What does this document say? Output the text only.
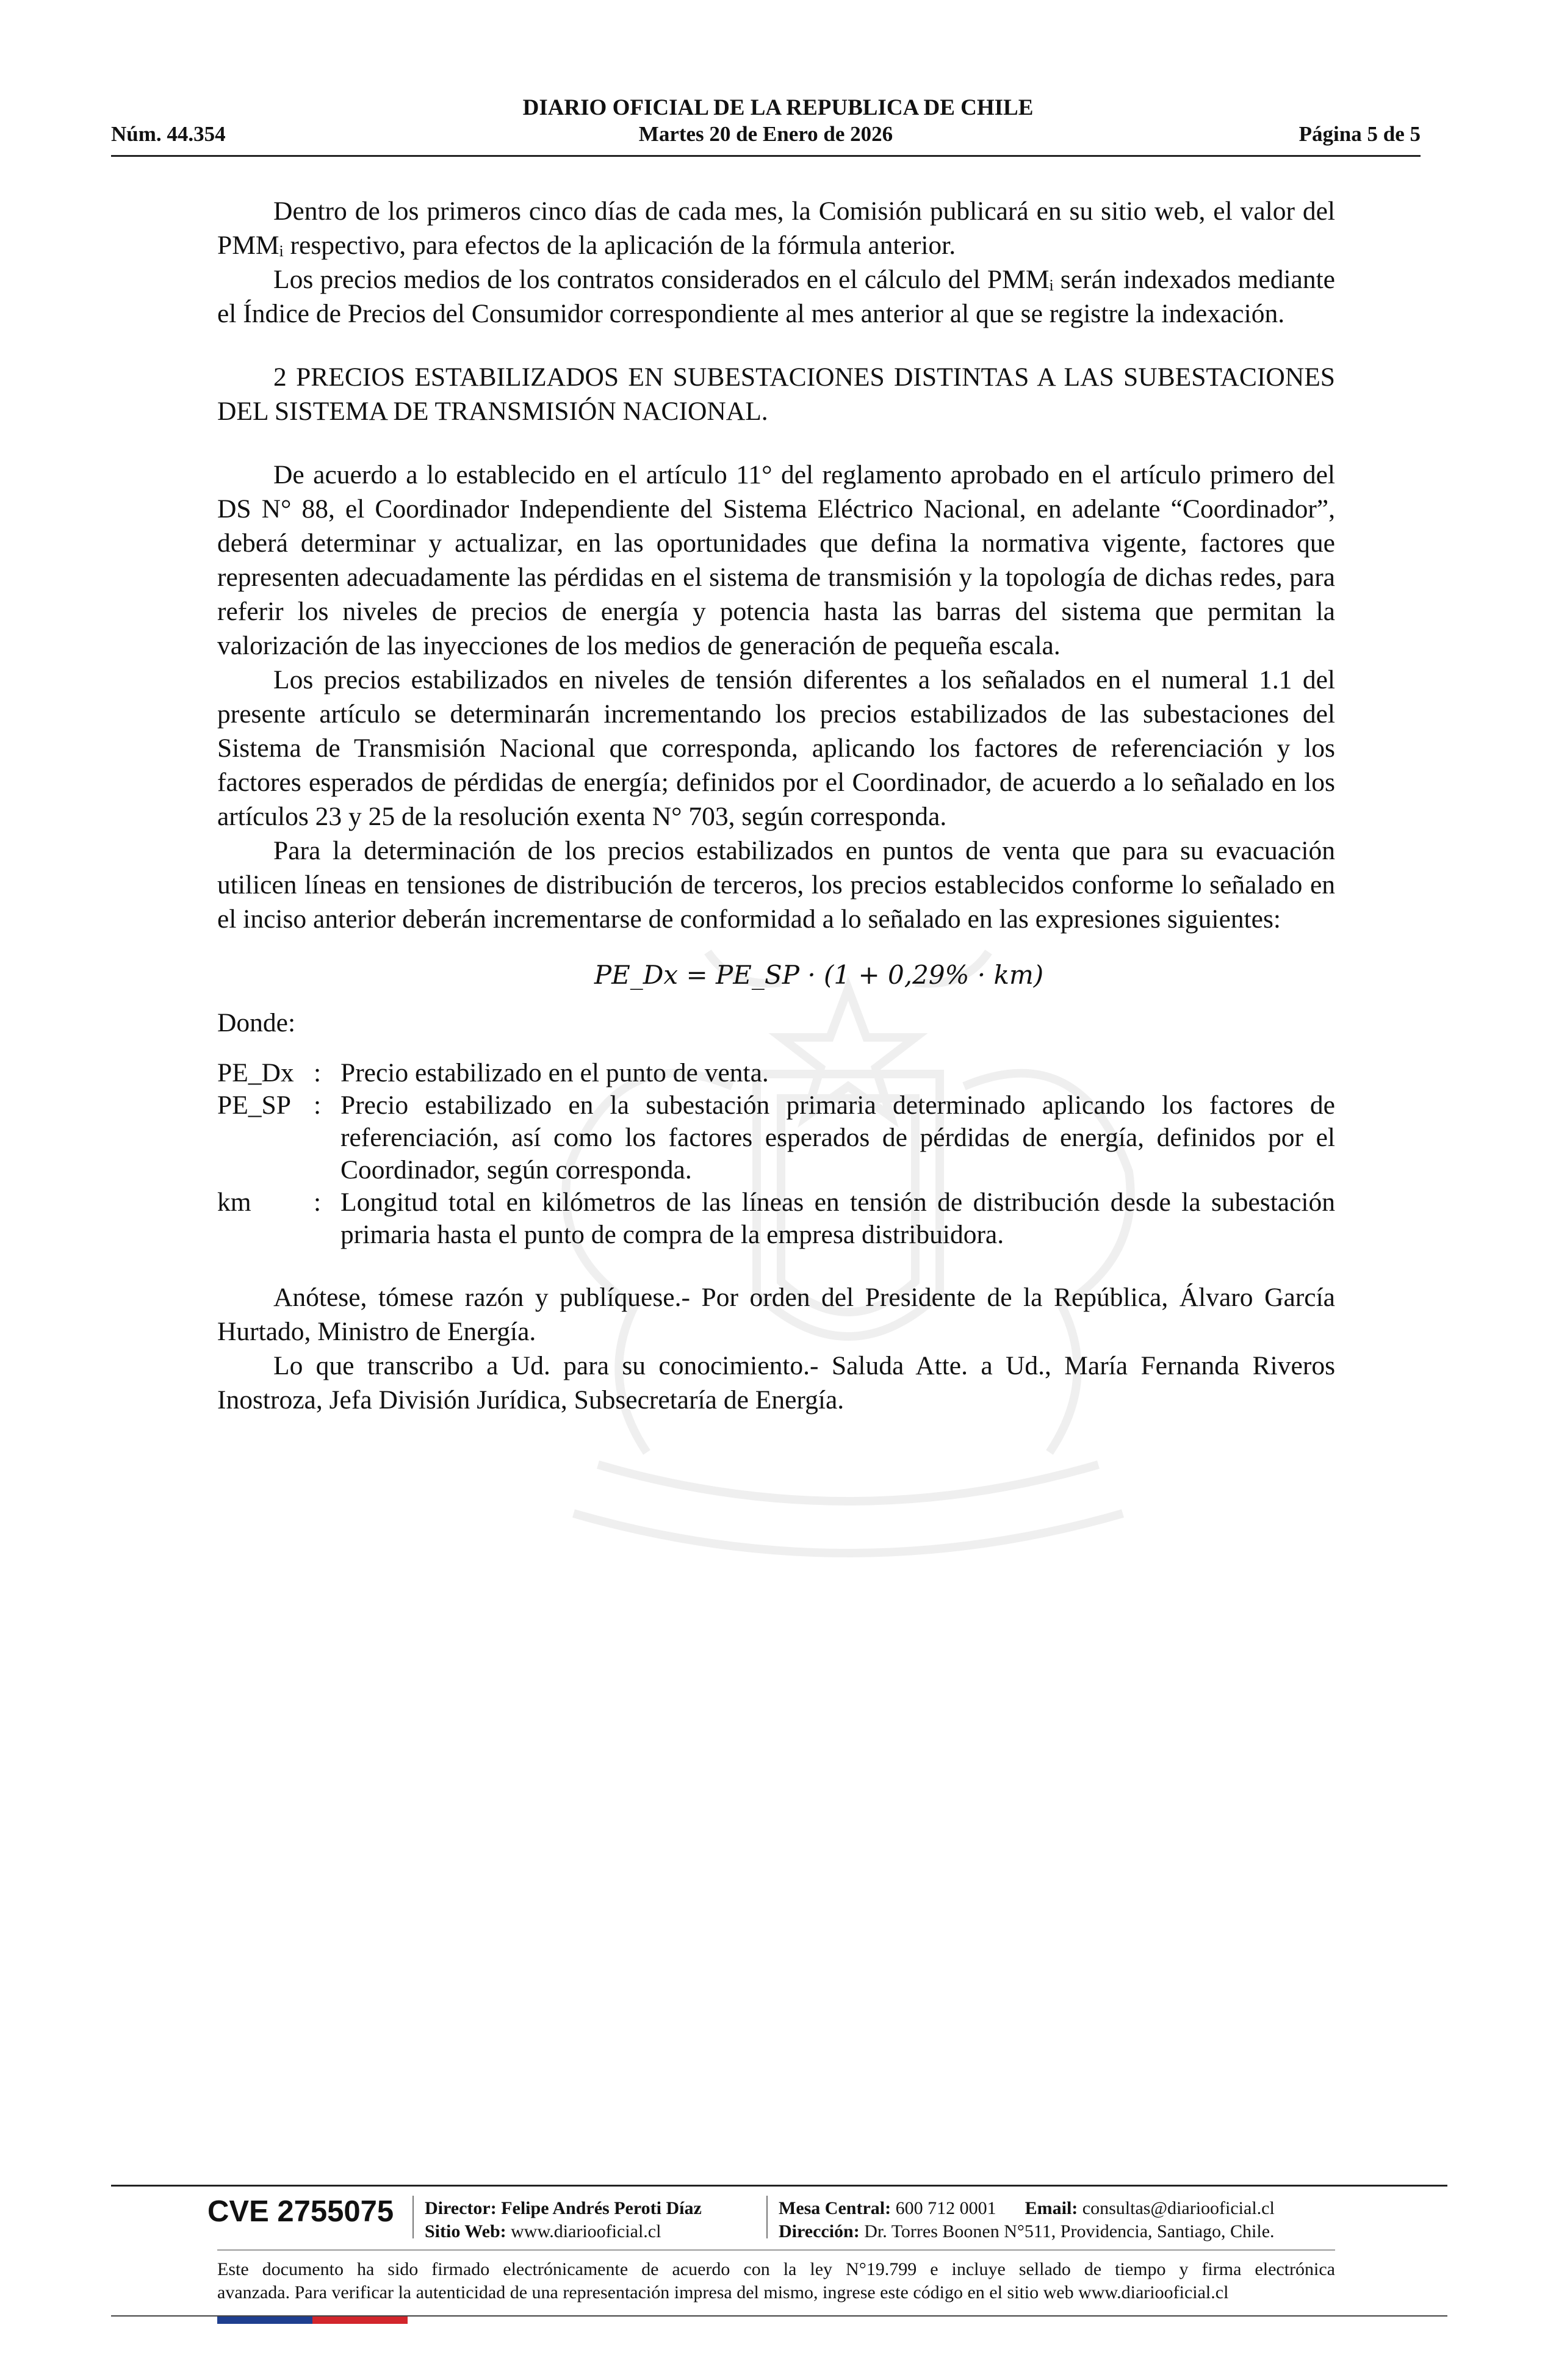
DIARIO OFICIAL DE LA REPUBLICA DE CHILE
Núm. 44.354	Martes 20 de Enero de 2026	Página 5 de 5

Dentro de los primeros cinco días de cada mes, la Comisión publicará en su sitio web, el valor del PMMᵢ respectivo, para efectos de la aplicación de la fórmula anterior.

Los precios medios de los contratos considerados en el cálculo del PMMᵢ serán indexados mediante el Índice de Precios del Consumidor correspondiente al mes anterior al que se registre la indexación.

2 PRECIOS ESTABILIZADOS EN SUBESTACIONES DISTINTAS A LAS SUBESTACIONES DEL SISTEMA DE TRANSMISIÓN NACIONAL.

De acuerdo a lo establecido en el artículo 11° del reglamento aprobado en el artículo primero del DS N° 88, el Coordinador Independiente del Sistema Eléctrico Nacional, en adelante “Coordinador”, deberá determinar y actualizar, en las oportunidades que defina la normativa vigente, factores que representen adecuadamente las pérdidas en el sistema de transmisión y la topología de dichas redes, para referir los niveles de precios de energía y potencia hasta las barras del sistema que permitan la valorización de las inyecciones de los medios de generación de pequeña escala.

Los precios estabilizados en niveles de tensión diferentes a los señalados en el numeral 1.1 del presente artículo se determinarán incrementando los precios estabilizados de las subestaciones del Sistema de Transmisión Nacional que corresponda, aplicando los factores de referenciación y los factores esperados de pérdidas de energía; definidos por el Coordinador, de acuerdo a lo señalado en los artículos 23 y 25 de la resolución exenta N° 703, según corresponda.

Para la determinación de los precios estabilizados en puntos de venta que para su evacuación utilicen líneas en tensiones de distribución de terceros, los precios establecidos conforme lo señalado en el inciso anterior deberán incrementarse de conformidad a lo señalado en las expresiones siguientes:

PE_Dx = PE_SP · (1 + 0,29% · km)

Donde:

PE_Dx	:	Precio estabilizado en el punto de venta.
PE_SP	:	Precio estabilizado en la subestación primaria determinado aplicando los factores de referenciación, así como los factores esperados de pérdidas de energía, definidos por el Coordinador, según corresponda.
km	:	Longitud total en kilómetros de las líneas en tensión de distribución desde la subestación primaria hasta el punto de compra de la empresa distribuidora.

Anótese, tómese razón y publíquese.- Por orden del Presidente de la República, Álvaro García Hurtado, Ministro de Energía.

Lo que transcribo a Ud. para su conocimiento.- Saluda Atte. a Ud., María Fernanda Riveros Inostroza, Jefa División Jurídica, Subsecretaría de Energía.

CVE 2755075 Director: Felipe Andrés Peroti Díaz
Sitio Web: www.diariooficial.cl
Mesa Central: 600 712 0001 Email: consultas@diariooficial.cl
Dirección: Dr. Torres Boonen N°511, Providencia, Santiago, Chile.
Este documento ha sido firmado electrónicamente de acuerdo con la ley N°19.799 e incluye sellado de tiempo y firma electrónica
avanzada. Para verificar la autenticidad de una representación impresa del mismo, ingrese este código en el sitio web www.diariooficial.cl
